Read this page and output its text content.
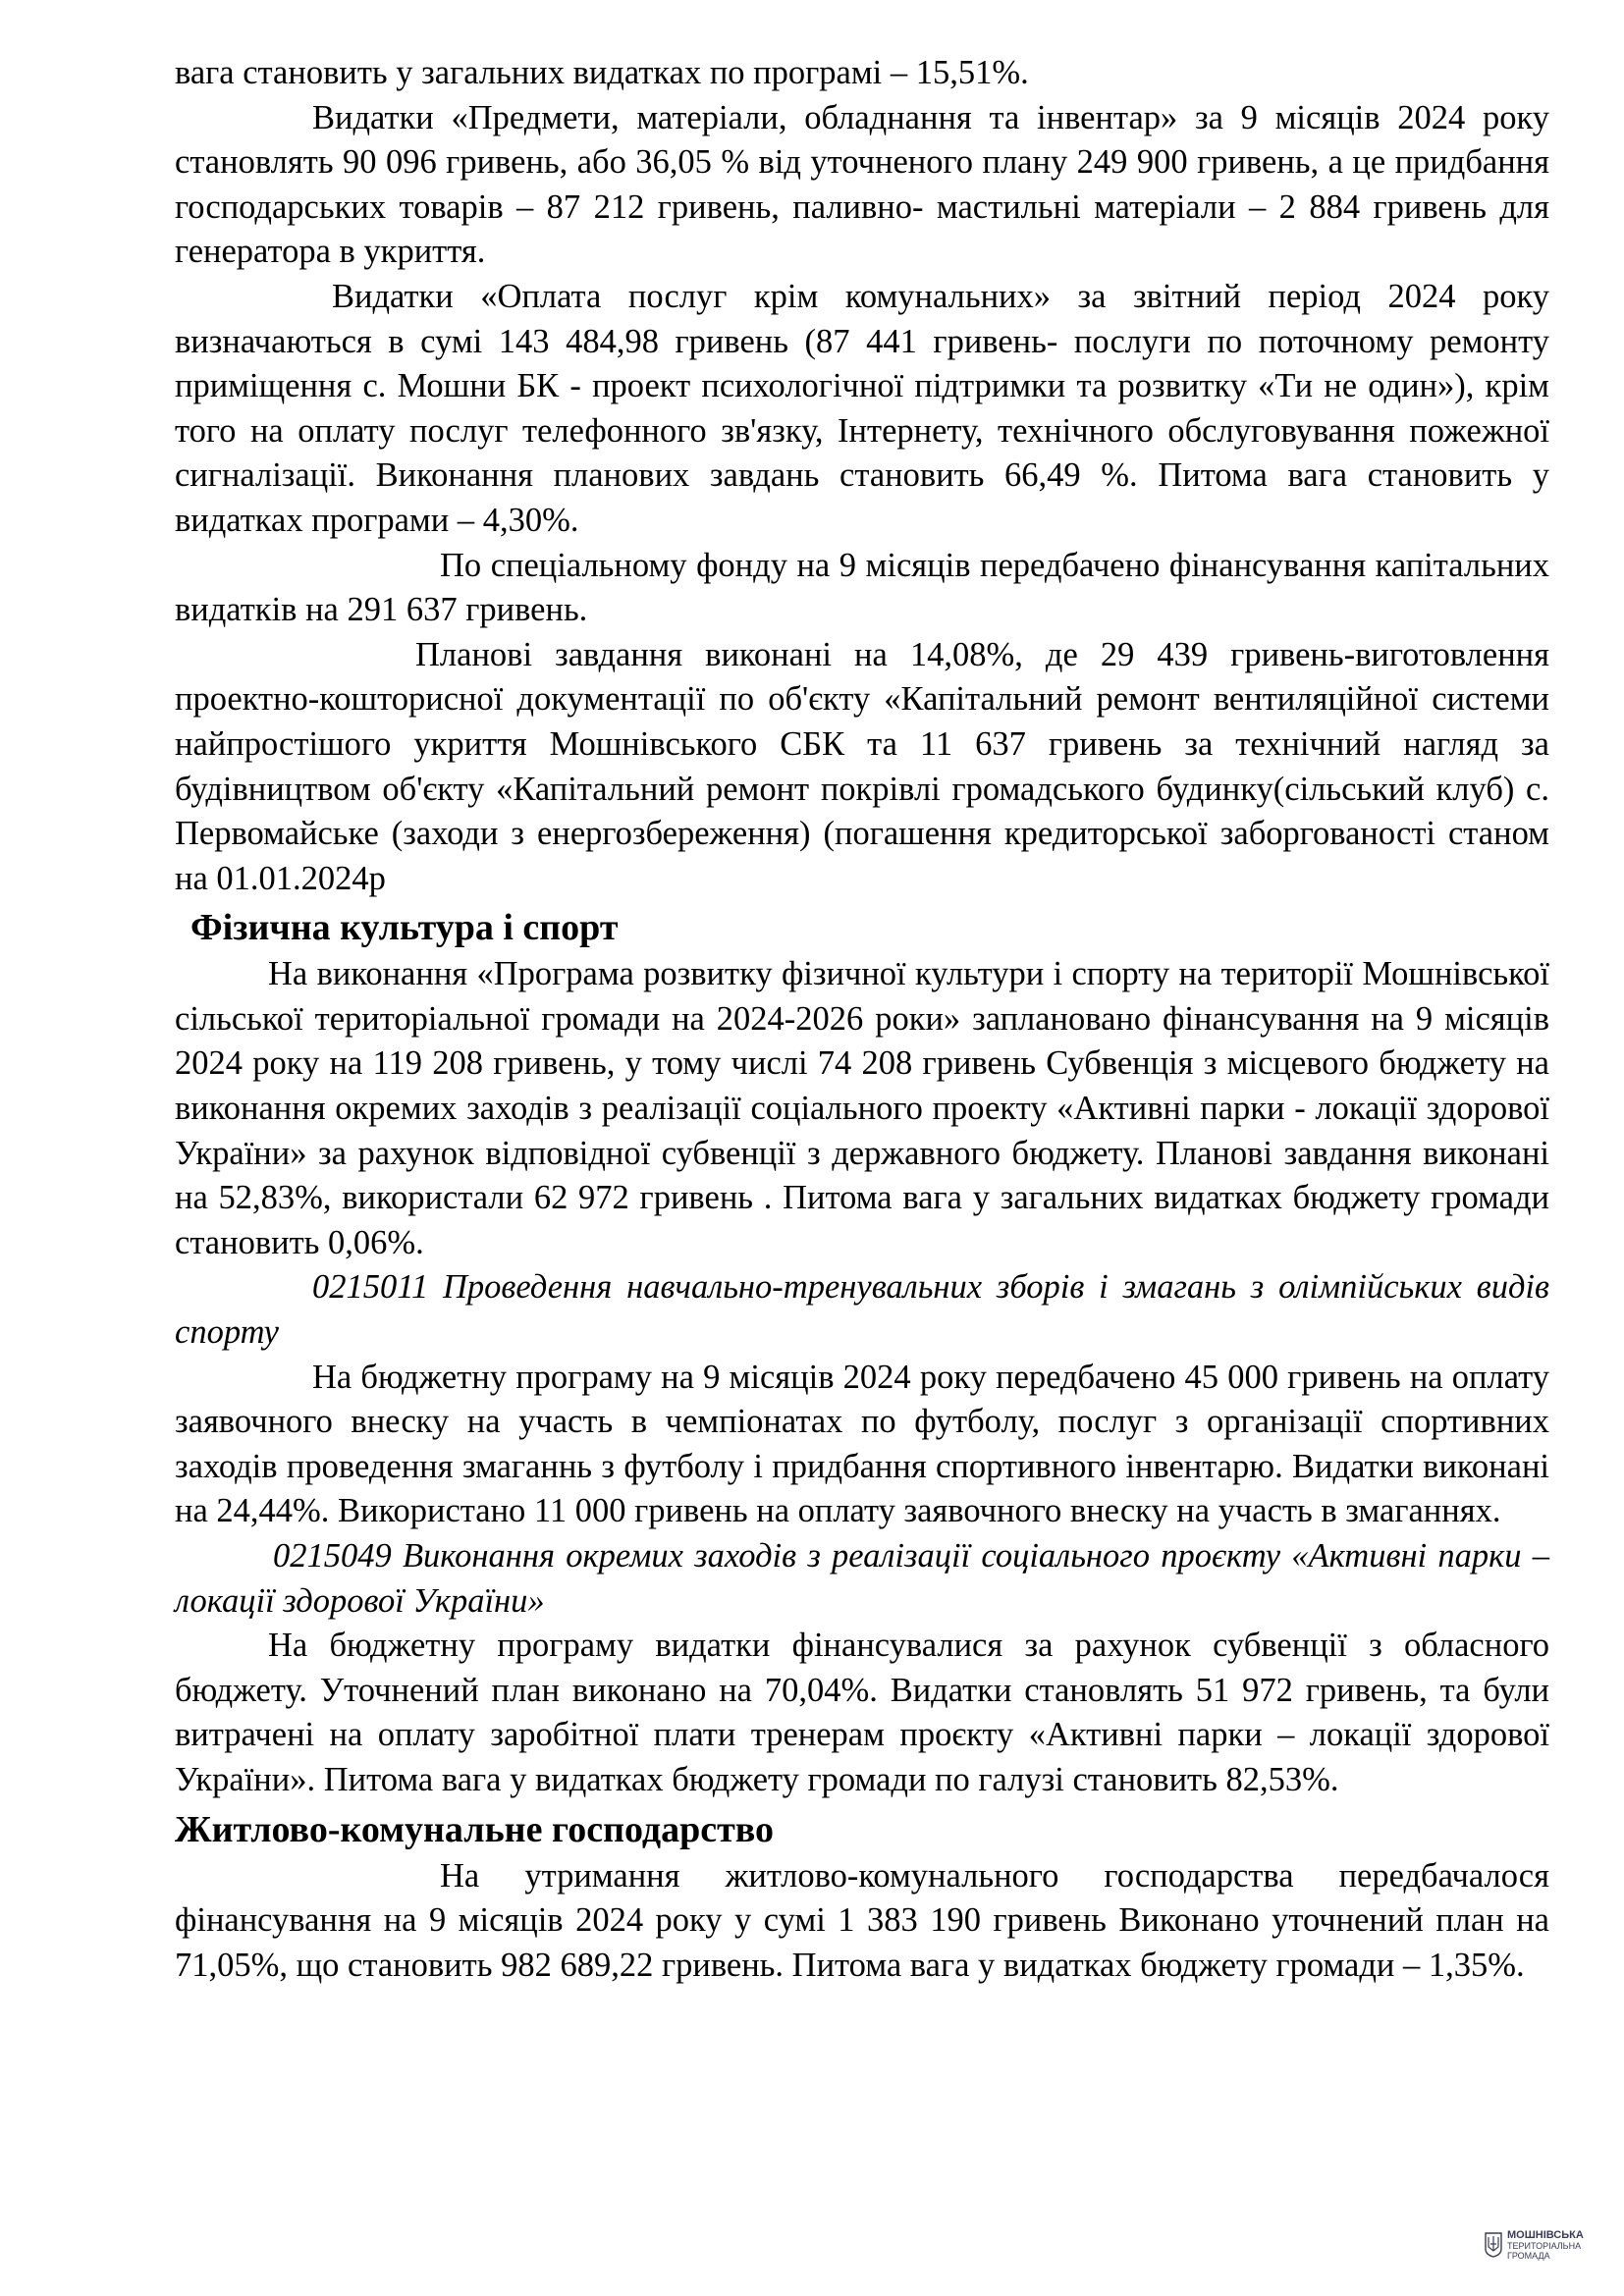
вага становить у загальних видатках по програмі – 15,51%.

Видатки «Предмети, матеріали, обладнання та інвентар» за 9 місяців 2024 року становлять 90 096 гривень, або 36,05 % від уточненого плану 249 900 гривень, а це придбання господарських товарів – 87 212 гривень, паливно- мастильні матеріали – 2 884 гривень для генератора в укриття.

Видатки «Оплата послуг крім комунальних» за звітний період 2024 року визначаються в сумі 143 484,98 гривень (87 441 гривень- послуги по поточному ремонту приміщення с. Мошни БК - проект психологічної підтримки та розвитку «Ти не один»), крім того на оплату послуг телефонного зв'язку, Інтернету, технічного обслуговування пожежної сигналізації. Виконання планових завдань становить 66,49 %. Питома вага становить у видатках програми – 4,30%.

По спеціальному фонду на 9 місяців передбачено фінансування капітальних видатків на 291 637 гривень.

Планові завдання виконані на 14,08%, де 29 439 гривень-виготовлення проектно-кошторисної документації по об'єкту «Капітальний ремонт вентиляційної системи найпростішого укриття Мошнівського СБК та 11 637 гривень за технічний нагляд за будівництвом об'єкту «Капітальний ремонт покрівлі громадського будинку(сільський клуб) с. Первомайське (заходи з енергозбереження) (погашення кредиторської заборгованості станом на 01.01.2024р

Фізична культура і спорт

На виконання «Програма розвитку фізичної культури і спорту на території Мошнівської сільської територіальної громади на 2024-2026 роки» заплановано фінансування на 9 місяців 2024 року на 119 208 гривень, у тому числі 74 208 гривень Субвенція з місцевого бюджету на виконання окремих заходів з реалізації соціального проекту «Активні парки - локації здорової України» за рахунок відповідної субвенції з державного бюджету. Планові завдання виконані на 52,83%, використали 62 972 гривень . Питома вага у загальних видатках бюджету громади становить 0,06%.

0215011 Проведення навчально-тренувальних зборів і змагань з олімпійських видів спорту

На бюджетну програму на 9 місяців 2024 року передбачено 45 000 гривень на оплату заявочного внеску на участь в чемпіонатах по футболу, послуг з організації спортивних заходів проведення змаганнь з футболу і придбання спортивного інвентарю. Видатки виконані на 24,44%. Використано 11 000 гривень на оплату заявочного внеску на участь в змаганнях.

0215049 Виконання окремих заходів з реалізації соціального проєкту «Активні парки – локації здорової України»

На бюджетну програму видатки фінансувалися за рахунок субвенції з обласного бюджету. Уточнений план виконано на 70,04%. Видатки становлять 51 972 гривень, та були витрачені на оплату заробітної плати тренерам проєкту «Активні парки – локації здорової України». Питома вага у видатках бюджету громади по галузі становить 82,53%.

Житлово-комунальне господарство

На утримання житлово-комунального господарства передбачалося фінансування на 9 місяців 2024 року у сумі 1 383 190 гривень Виконано уточнений план на 71,05%, що становить 982 689,22 гривень. Питома вага у видатках бюджету громади – 1,35%.

МОШНІВСЬКА
ТЕРИТОРІАЛЬНА
ГРОМАДА
